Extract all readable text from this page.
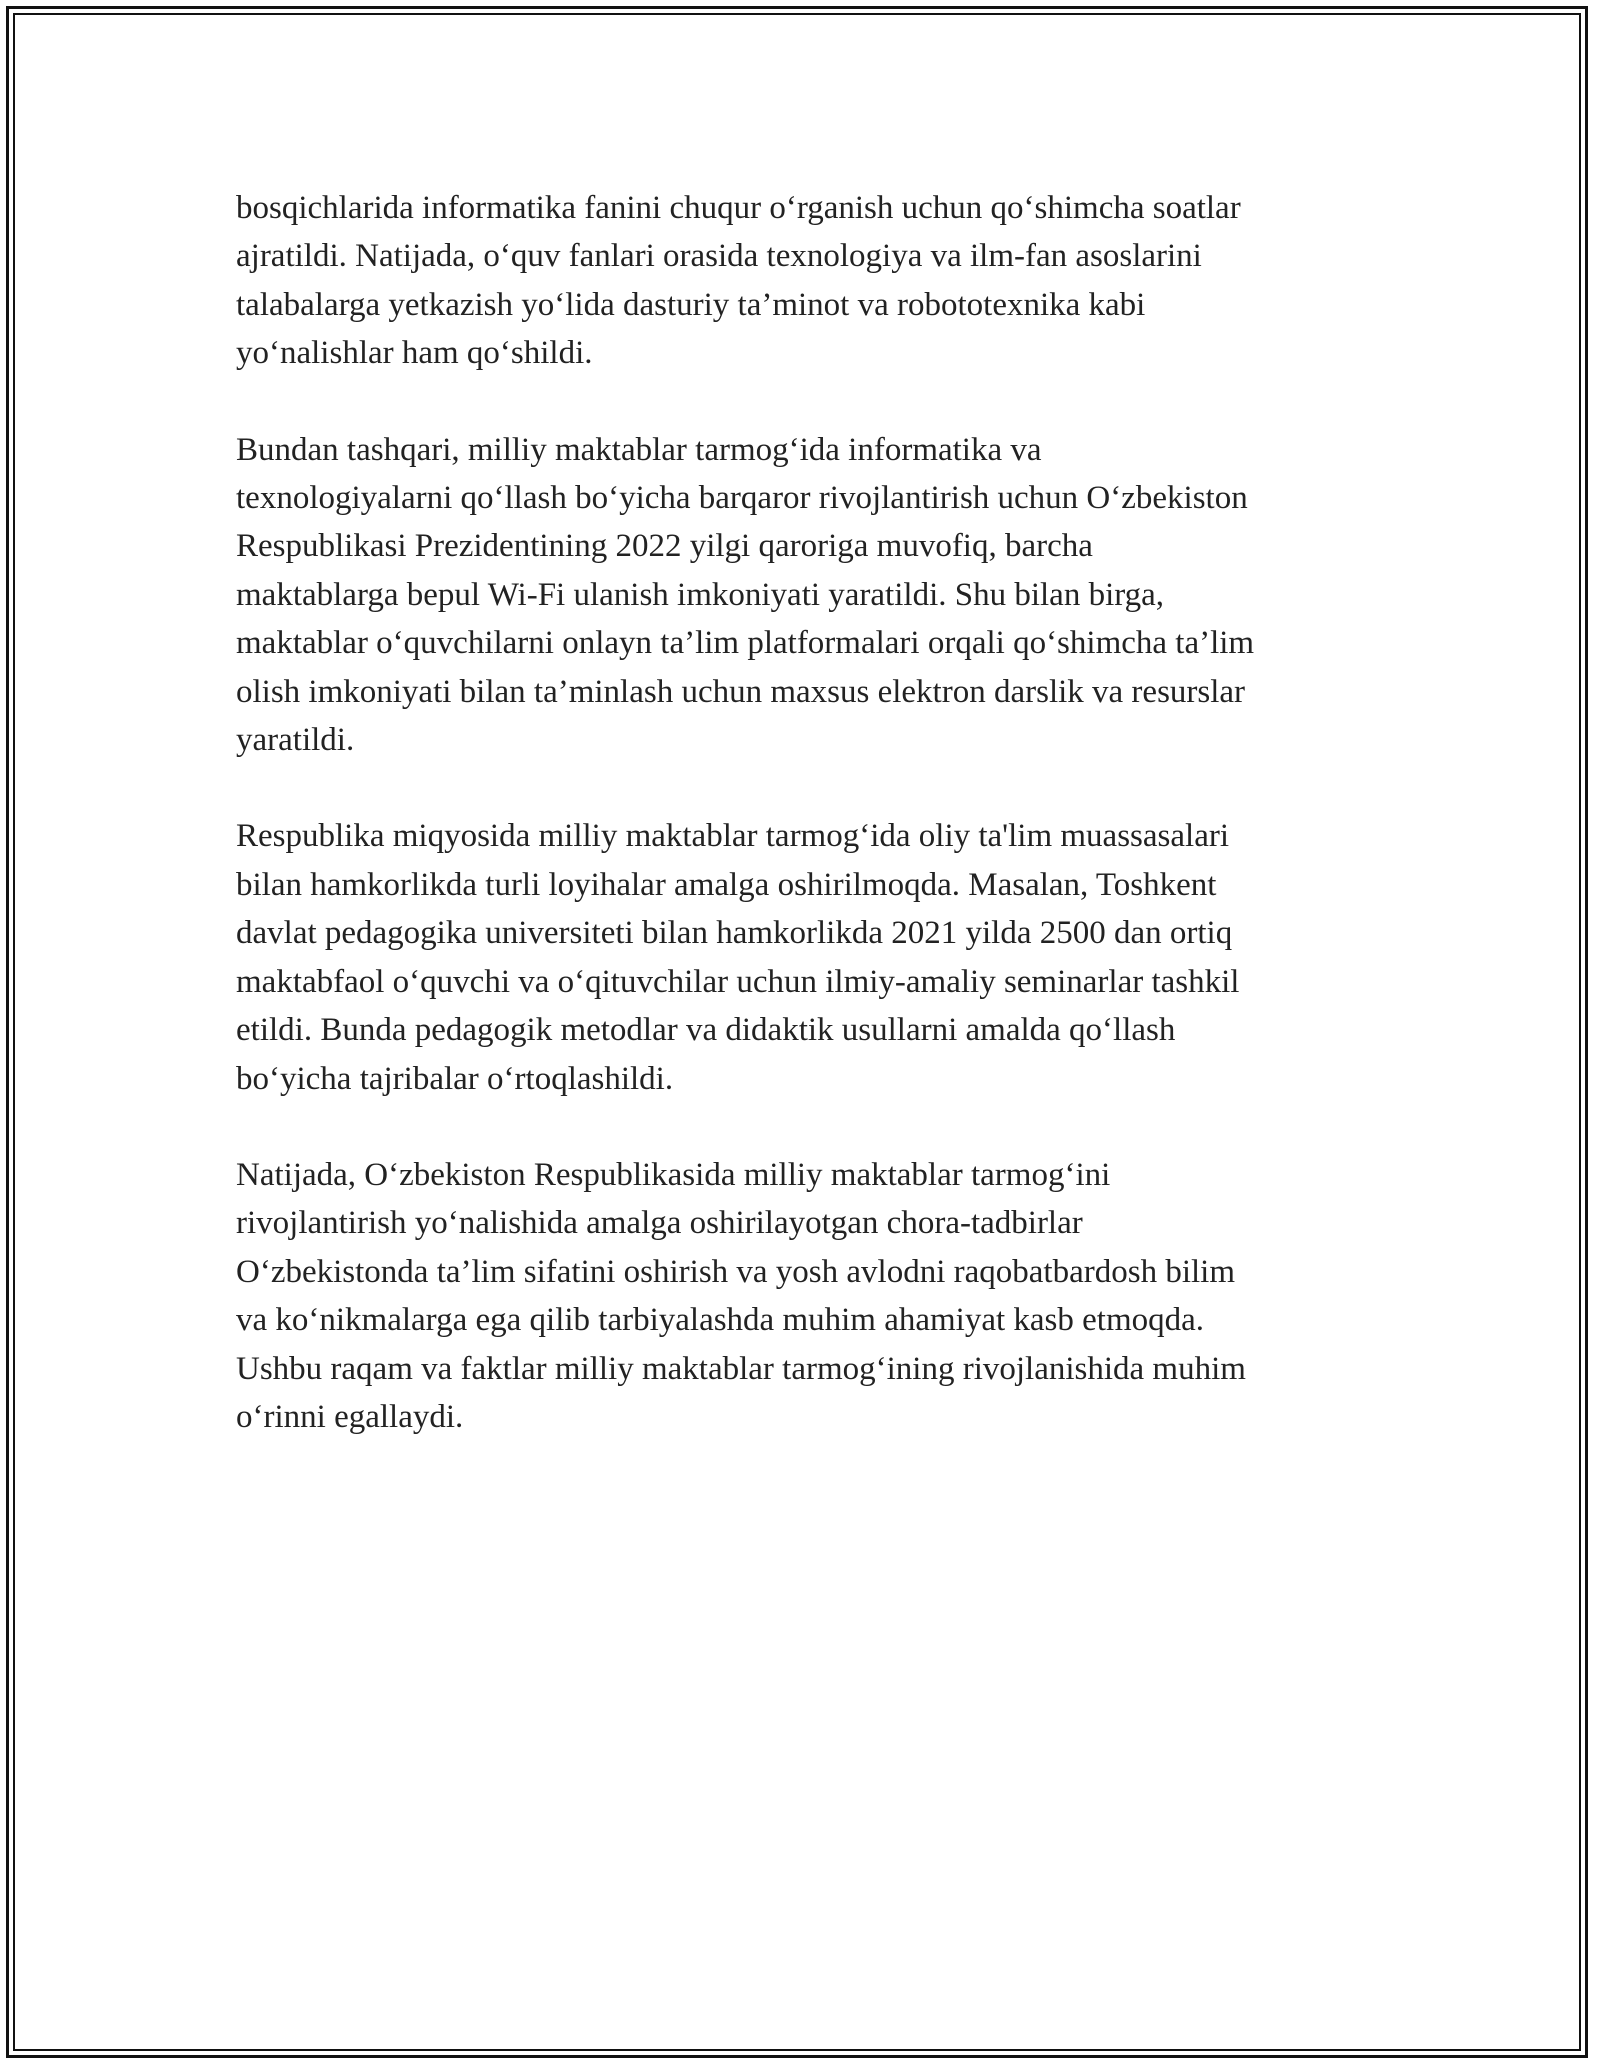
bosqichlarida informatika fanini chuqur o‘rganish uchun qo‘shimcha soatlar
ajratildi. Natijada, o‘quv fanlari orasida texnologiya va ilm-fan asoslarini
talabalarga yetkazish yo‘lida dasturiy ta’minot va robototexnika kabi
yo‘nalishlar ham qo‘shildi.

Bundan tashqari, milliy maktablar tarmog‘ida informatika va
texnologiyalarni qo‘llash bo‘yicha barqaror rivojlantirish uchun O‘zbekiston
Respublikasi Prezidentining 2022 yilgi qaroriga muvofiq, barcha
maktablarga bepul Wi-Fi ulanish imkoniyati yaratildi. Shu bilan birga,
maktablar o‘quvchilarni onlayn ta’lim platformalari orqali qo‘shimcha ta’lim
olish imkoniyati bilan ta’minlash uchun maxsus elektron darslik va resurslar
yaratildi.

Respublika miqyosida milliy maktablar tarmog‘ida oliy ta'lim muassasalari
bilan hamkorlikda turli loyihalar amalga oshirilmoqda. Masalan, Toshkent
davlat pedagogika universiteti bilan hamkorlikda 2021 yilda 2500 dan ortiq
maktabfaol o‘quvchi va o‘qituvchilar uchun ilmiy-amaliy seminarlar tashkil
etildi. Bunda pedagogik metodlar va didaktik usullarni amalda qo‘llash
bo‘yicha tajribalar o‘rtoqlashildi.

Natijada, O‘zbekiston Respublikasida milliy maktablar tarmog‘ini
rivojlantirish yo‘nalishida amalga oshirilayotgan chora-tadbirlar
O‘zbekistonda ta’lim sifatini oshirish va yosh avlodni raqobatbardosh bilim
va ko‘nikmalarga ega qilib tarbiyalashda muhim ahamiyat kasb etmoqda.
Ushbu raqam va faktlar milliy maktablar tarmog‘ining rivojlanishida muhim
o‘rinni egallaydi.
